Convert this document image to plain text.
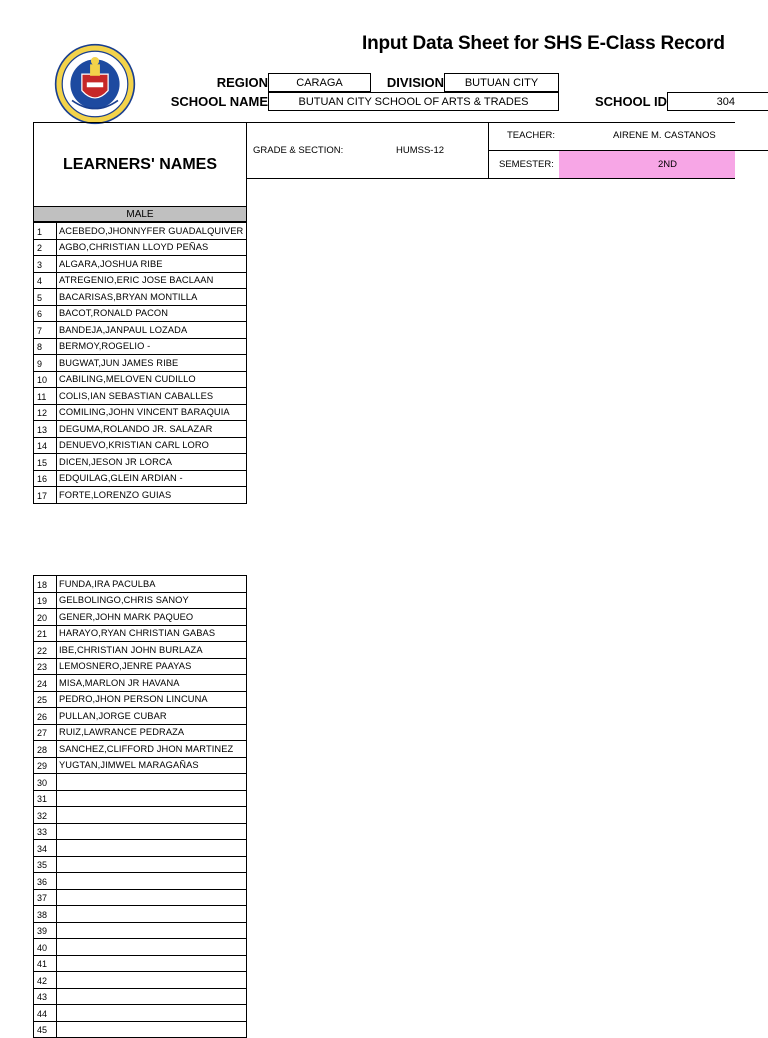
Input Data Sheet for SHS E-Class Record
REGION	CARAGA	DIVISION	BUTUAN CITY
SCHOOL NAME	BUTUAN CITY SCHOOL OF ARTS & TRADES	SCHOOL ID	304
LEARNERS' NAMES
GRADE & SECTION:	HUMSS-12
TEACHER:	AIRENE M. CASTANOS
SEMESTER:	2ND
MALE
1	ACEBEDO,JHONNYFER GUADALQUIVER
2	AGBO,CHRISTIAN LLOYD PEÑAS
3	ALGARA,JOSHUA RIBE
4	ATREGENIO,ERIC JOSE BACLAAN
5	BACARISAS,BRYAN MONTILLA
6	BACOT,RONALD PACON
7	BANDEJA,JANPAUL LOZADA
8	BERMOY,ROGELIO -
9	BUGWAT,JUN JAMES RIBE
10	CABILING,MELOVEN CUDILLO
11	COLIS,IAN SEBASTIAN CABALLES
12	COMILING,JOHN VINCENT BARAQUIA
13	DEGUMA,ROLANDO JR. SALAZAR
14	DENUEVO,KRISTIAN CARL LORO
15	DICEN,JESON JR LORCA
16	EDQUILAG,GLEIN ARDIAN -
17	FORTE,LORENZO GUIAS
18	FUNDA,IRA PACULBA
19	GELBOLINGO,CHRIS SANOY
20	GENER,JOHN MARK PAQUEO
21	HARAYO,RYAN CHRISTIAN GABAS
22	IBE,CHRISTIAN JOHN BURLAZA
23	LEMOSNERO,JENRE PAAYAS
24	MISA,MARLON JR HAVANA
25	PEDRO,JHON PERSON LINCUNA
26	PULLAN,JORGE CUBAR
27	RUIZ,LAWRANCE PEDRAZA
28	SANCHEZ,CLIFFORD JHON MARTINEZ
29	YUGTAN,JIMWEL MARAGAÑAS
30	
31	
32	
33	
34	
35	
36	
37	
38	
39	
40	
41	
42	
43	
44	
45	
